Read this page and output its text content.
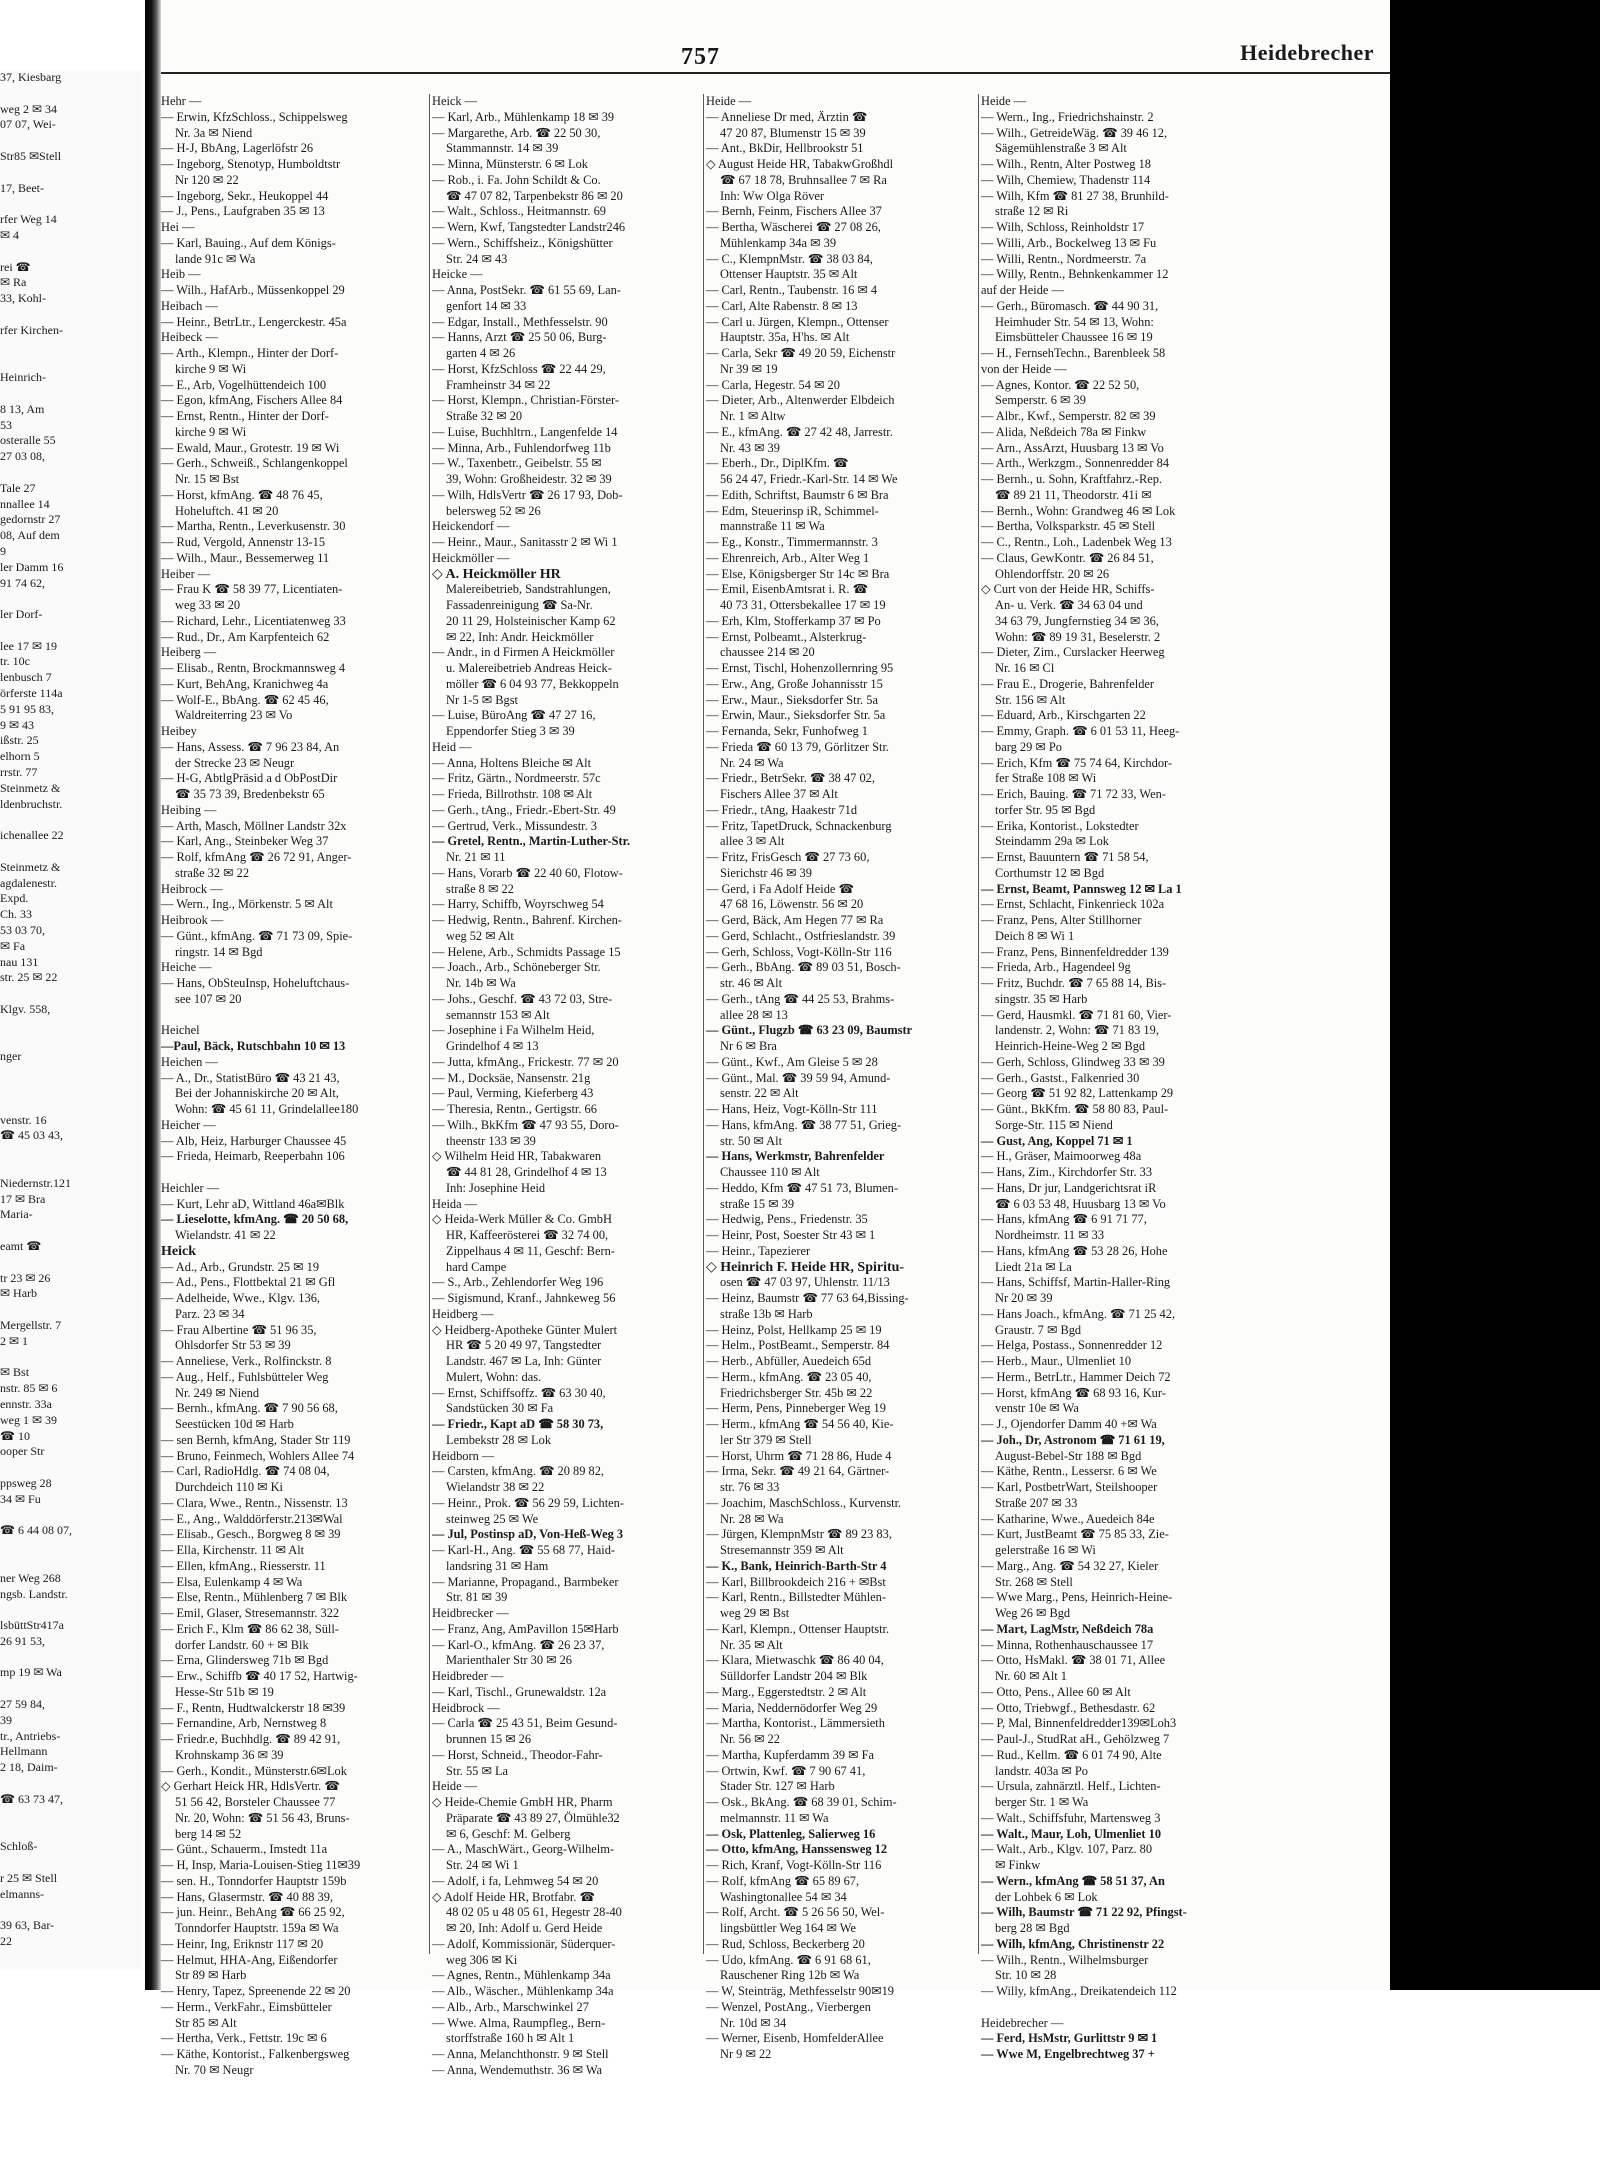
37, Kiesbarg

weg 2 ✉ 34
07 07, Wei-

Str85 ✉Stell

17, Beet-

rfer Weg 14
✉ 4

rei ☎
✉ Ra
33, Kohl-

rfer Kirchen-

Heinrich-

8 13, Am
53
osteralle 55
27 03 08,

Tale 27
nnallee 14
gedornstr 27
08, Auf dem
9
ler Damm 16
91 74 62,

ler Dorf-

lee 17 ✉ 19
tr. 10c
lenbusch 7
örferste 114a
5 91 95 83,
9 ✉ 43
ißstr. 25
elhorn 5
rrstr. 77
Steinmetz &
ldenbruchstr.

ichenallee 22

Steinmetz &
agdalenestr.
Expd.
Ch. 33
53 03 70,
✉ Fa
nau 131
str. 25 ✉ 22

Klgv. 558,

nger

venstr. 16
☎ 45 03 43,

Niedernstr.121
17 ✉ Bra
Maria-

eamt ☎

tr 23 ✉ 26
✉ Harb

Mergellstr. 7
2 ✉ 1

✉ Bst
nstr. 85 ✉ 6
ennstr. 33a
weg 1 ✉ 39
☎ 10
ooper Str

ppsweg 28
34 ✉ Fu

☎ 6 44 08 07,

ner Weg 268
ngsb. Landstr.

lsbüttStr417a
26 91 53,

mp 19 ✉ Wa

27 59 84,
39
tr., Antriebs-
Hellmann
2 18, Daim-

☎ 63 73 47,

Schloß-

r 25 ✉ Stell
elmanns-

39 63, Bar-
22
757	Heidebrecher
Hehr —
— Erwin, KfzSchloss., Schippelsweg
Nr. 3a ✉ Niend
— H-J, BbAng, Lagerlöfstr 26
— Ingeborg, Stenotyp, Humboldtstr
Nr 120 ✉ 22
— Ingeborg, Sekr., Heukoppel 44
— J., Pens., Laufgraben 35 ✉ 13
Hei —
— Karl, Bauing., Auf dem Königs-
lande 91c ✉ Wa
Heib —
— Wilh., HafArb., Müssenkoppel 29
Heibach —
— Heinr., BetrLtr., Lengerckestr. 45a
Heibeck —
— Arth., Klempn., Hinter der Dorf-
kirche 9 ✉ Wi
— E., Arb, Vogelhüttendeich 100
— Egon, kfmAng, Fischers Allee 84
— Ernst, Rentn., Hinter der Dorf-
kirche 9 ✉ Wi
— Ewald, Maur., Grotestr. 19 ✉ Wi
— Gerh., Schweiß., Schlangenkoppel
Nr. 15 ✉ Bst
— Horst, kfmAng. ☎ 48 76 45,
Hoheluftch. 41 ✉ 20
— Martha, Rentn., Leverkusenstr. 30
— Rud, Vergold, Annenstr 13-15
— Wilh., Maur., Bessemerweg 11
Heiber —
— Frau K ☎ 58 39 77, Licentiaten-
weg 33 ✉ 20
— Richard, Lehr., Licentiatenweg 33
— Rud., Dr., Am Karpfenteich 62
Heiberg —
— Elisab., Rentn, Brockmannsweg 4
— Kurt, BehAng, Kranichweg 4a
— Wolf-E., BbAng. ☎ 62 45 46,
Waldreiterring 23 ✉ Vo
Heibey
— Hans, Assess. ☎ 7 96 23 84, An
der Strecke 23 ✉ Neugr
— H-G, AbtlgPräsid a d ObPostDir
☎ 35 73 39, Bredenbekstr 65
Heibing —
— Arth, Masch, Möllner Landstr 32x
— Karl, Ang., Steinbeker Weg 37
— Rolf, kfmAng ☎ 26 72 91, Anger-
straße 32 ✉ 22
Heibrock —
— Wern., Ing., Mörkenstr. 5 ✉ Alt
Heibrook —
— Günt., kfmAng. ☎ 71 73 09, Spie-
ringstr. 14 ✉ Bgd
Heiche —
— Hans, ObSteuInsp, Hoheluftchaus-
see 107 ✉ 20

Heichel
—Paul, Bäck, Rutschbahn 10 ✉ 13
Heichen —
— A., Dr., StatistBüro ☎ 43 21 43,
Bei der Johanniskirche 20 ✉ Alt,
Wohn: ☎ 45 61 11, Grindelallee180
Heicher —
— Alb, Heiz, Harburger Chaussee 45
— Frieda, Heimarb, Reeperbahn 106

Heichler —
— Kurt, Lehr aD, Wittland 46a✉Blk
— Lieselotte, kfmAng. ☎ 20 50 68,
Wielandstr. 41 ✉ 22
Heick
— Ad., Arb., Grundstr. 25 ✉ 19
— Ad., Pens., Flottbektal 21 ✉ Gfl
— Adelheide, Wwe., Klgv. 136,
Parz. 23 ✉ 34
— Frau Albertine ☎ 51 96 35,
Ohlsdorfer Str 53 ✉ 39
— Anneliese, Verk., Rolfinckstr. 8
— Aug., Helf., Fuhlsbütteler Weg
Nr. 249 ✉ Niend
— Bernh., kfmAng. ☎ 7 90 56 68,
Seestücken 10d ✉ Harb
— sen Bernh, kfmAng, Stader Str 119
— Bruno, Feinmech, Wohlers Allee 74
— Carl, RadioHdlg. ☎ 74 08 04,
Durchdeich 110 ✉ Ki
— Clara, Wwe., Rentn., Nissenstr. 13
— E., Ang., Walddörferstr.213✉Wal
— Elisab., Gesch., Borgweg 8 ✉ 39
— Ella, Kirchenstr. 11 ✉ Alt
— Ellen, kfmAng., Riesserstr. 11
— Elsa, Eulenkamp 4 ✉ Wa
— Else, Rentn., Mühlenberg 7 ✉ Blk
— Emil, Glaser, Stresemannstr. 322
— Erich F., Klm ☎ 86 62 38, Süll-
dorfer Landstr. 60 + ✉ Blk
— Erna, Glindersweg 71b ✉ Bgd
— Erw., Schiffb ☎ 40 17 52, Hartwig-
Hesse-Str 51b ✉ 19
— F., Rentn, Hudtwalckerstr 18 ✉39
— Fernandine, Arb, Nernstweg 8
— Friedr.e, Buchhdlg. ☎ 89 42 91,
Krohnskamp 36 ✉ 39
— Gerh., Kondit., Münsterstr.6✉Lok
◇ Gerhart Heick HR, HdlsVertr. ☎
51 56 42, Borsteler Chaussee 77
Nr. 20, Wohn: ☎ 51 56 43, Bruns-
berg 14 ✉ 52
— Günt., Schauerm., Imstedt 11a
— H, Insp, Maria-Louisen-Stieg 11✉39
— sen. H., Tonndorfer Hauptstr 159b
— Hans, Glasermstr. ☎ 40 88 39,
— jun. Heinr., BehAng ☎ 66 25 92,
Tonndorfer Hauptstr. 159a ✉ Wa
— Heinr, Ing, Eriknstr 117 ✉ 20
— Helmut, HHA-Ang, Eißendorfer
Str 89 ✉ Harb
— Henry, Tapez, Spreenende 22 ✉ 20
— Herm., VerkFahr., Eimsbütteler
Str 85 ✉ Alt
— Hertha, Verk., Fettstr. 19c ✉ 6
— Käthe, Kontorist., Falkenbergsweg
Nr. 70 ✉ Neugr
Heick —
— Karl, Arb., Mühlenkamp 18 ✉ 39
— Margarethe, Arb. ☎ 22 50 30,
Stammannstr. 14 ✉ 39
— Minna, Münsterstr. 6 ✉ Lok
— Rob., i. Fa. John Schildt & Co.
☎ 47 07 82, Tarpenbekstr 86 ✉ 20
— Walt., Schloss., Heitmannstr. 69
— Wern, Kwf, Tangstedter Landstr246
— Wern., Schiffsheiz., Königshütter
Str. 24 ✉ 43
Heicke —
— Anna, PostSekr. ☎ 61 55 69, Lan-
genfort 14 ✉ 33
— Edgar, Install., Methfesselstr. 90
— Hanns, Arzt ☎ 25 50 06, Burg-
garten 4 ✉ 26
— Horst, KfzSchloss ☎ 22 44 29,
Framheinstr 34 ✉ 22
— Horst, Klempn., Christian-Förster-
Straße 32 ✉ 20
— Luise, Buchhltrn., Langenfelde 14
— Minna, Arb., Fuhlendorfweg 11b
— W., Taxenbetr., Geibelstr. 55 ✉
39, Wohn: Großheidestr. 32 ✉ 39
— Wilh, HdlsVertr ☎ 26 17 93, Dob-
belersweg 52 ✉ 26
Heickendorf —
— Heinr., Maur., Sanitasstr 2 ✉ Wi 1
Heickmöller —
◇ A. Heickmöller HR
Malereibetrieb, Sandstrahlungen,
Fassadenreinigung ☎ Sa-Nr.
20 11 29, Holsteinischer Kamp 62
✉ 22, Inh: Andr. Heickmöller
— Andr., in d Firmen A Heickmöller
u. Malereibetrieb Andreas Heick-
möller ☎ 6 04 93 77, Bekkoppeln
Nr 1-5 ✉ Bgst
— Luise, BüroAng ☎ 47 27 16,
Eppendorfer Stieg 3 ✉ 39
Heid —
— Anna, Holtens Bleiche ✉ Alt
— Fritz, Gärtn., Nordmeerstr. 57c
— Frieda, Billrothstr. 108 ✉ Alt
— Gerh., tAng., Friedr.-Ebert-Str. 49
— Gertrud, Verk., Missundestr. 3
— Gretel, Rentn., Martin-Luther-Str.
Nr. 21 ✉ 11
— Hans, Vorarb ☎ 22 40 60, Flotow-
straße 8 ✉ 22
— Harry, Schiffb, Woyrschweg 54
— Hedwig, Rentn., Bahrenf. Kirchen-
weg 52 ✉ Alt
— Helene, Arb., Schmidts Passage 15
— Joach., Arb., Schöneberger Str.
Nr. 14b ✉ Wa
— Johs., Geschf. ☎ 43 72 03, Stre-
semannstr 153 ✉ Alt
— Josephine i Fa Wilhelm Heid,
Grindelhof 4 ✉ 13
— Jutta, kfmAng., Frickestr. 77 ✉ 20
— M., Docksäe, Nansenstr. 21g
— Paul, Verming, Kieferberg 43
— Theresia, Rentn., Gertigstr. 66
— Wilh., BkKfm ☎ 47 93 55, Doro-
theenstr 133 ✉ 39
◇ Wilhelm Heid HR, Tabakwaren
☎ 44 81 28, Grindelhof 4 ✉ 13
Inh: Josephine Heid
Heida —
◇ Heida-Werk Müller & Co. GmbH
HR, Kaffeerösterei ☎ 32 74 00,
Zippelhaus 4 ✉ 11, Geschf: Bern-
hard Campe
— S., Arb., Zehlendorfer Weg 196
— Sigismund, Kranf., Jahnkeweg 56
Heidberg —
◇ Heidberg-Apotheke Günter Mulert
HR ☎ 5 20 49 97, Tangstedter
Landstr. 467 ✉ La, Inh: Günter
Mulert, Wohn: das.
— Ernst, Schiffsoffz. ☎ 63 30 40,
Sandstücken 30 ✉ Fa
— Friedr., Kapt aD ☎ 58 30 73,
Lembekstr 28 ✉ Lok
Heidborn —
— Carsten, kfmAng. ☎ 20 89 82,
Wielandstr 38 ✉ 22
— Heinr., Prok. ☎ 56 29 59, Lichten-
steinweg 25 ✉ We
— Jul, Postinsp aD, Von-Heß-Weg 3
— Karl-H., Ang. ☎ 55 68 77, Haid-
landsring 31 ✉ Ham
— Marianne, Propagand., Barmbeker
Str. 81 ✉ 39
Heidbrecker —
— Franz, Ang, AmPavillon 15✉Harb
— Karl-O., kfmAng. ☎ 26 23 37,
Marienthaler Str 30 ✉ 26
Heidbreder —
— Karl, Tischl., Grunewaldstr. 12a
Heidbrock —
— Carla ☎ 25 43 51, Beim Gesund-
brunnen 15 ✉ 26
— Horst, Schneid., Theodor-Fahr-
Str. 55 ✉ La
Heide —
◇ Heide-Chemie GmbH HR, Pharm
Präparate ☎ 43 89 27, Ölmühle32
✉ 6, Geschf: M. Gelberg
— A., MaschWärt., Georg-Wilhelm-
Str. 24 ✉ Wi 1
— Adolf, i fa, Lehmweg 54 ✉ 20
◇ Adolf Heide HR, Brotfabr. ☎
48 02 05 u 48 05 61, Hegestr 28-40
✉ 20, Inh: Adolf u. Gerd Heide
— Adolf, Kommissionär, Süderquer-
weg 306 ✉ Ki
— Agnes, Rentn., Mühlenkamp 34a
— Alb., Wäscher., Mühlenkamp 34a
— Alb., Arb., Marschwinkel 27
— Wwe. Alma, Raumpfleg., Bern-
storffstraße 160 h ✉ Alt 1
— Anna, Melanchthonstr. 9 ✉ Stell
— Anna, Wendemuthstr. 36 ✉ Wa
Heide —
— Anneliese Dr med, Ärztin ☎
47 20 87, Blumenstr 15 ✉ 39
— Ant., BkDir, Hellbrookstr 51
◇ August Heide HR, TabakwGroßhdl
☎ 67 18 78, Bruhnsallee 7 ✉ Ra
Inh: Ww Olga Röver
— Bernh, Feinm, Fischers Allee 37
— Bertha, Wäscherei ☎ 27 08 26,
Mühlenkamp 34a ✉ 39
— C., KlempnMstr. ☎ 38 03 84,
Ottenser Hauptstr. 35 ✉ Alt
— Carl, Rentn., Taubenstr. 16 ✉ 4
— Carl, Alte Rabenstr. 8 ✉ 13
— Carl u. Jürgen, Klempn., Ottenser
Hauptstr. 35a, H'hs. ✉ Alt
— Carla, Sekr ☎ 49 20 59, Eichenstr
Nr 39 ✉ 19
— Carla, Hegestr. 54 ✉ 20
— Dieter, Arb., Altenwerder Elbdeich
Nr. 1 ✉ Altw
— E., kfmAng. ☎ 27 42 48, Jarrestr.
Nr. 43 ✉ 39
— Eberh., Dr., DiplKfm. ☎
56 24 47, Friedr.-Karl-Str. 14 ✉ We
— Edith, Schriftst, Baumstr 6 ✉ Bra
— Edm, Steuerinsp iR, Schimmel-
mannstraße 11 ✉ Wa
— Eg., Konstr., Timmermannstr. 3
— Ehrenreich, Arb., Alter Weg 1
— Else, Königsberger Str 14c ✉ Bra
— Emil, EisenbAmtsrat i. R. ☎
40 73 31, Ottersbekallee 17 ✉ 19
— Erh, Klm, Stofferkamp 37 ✉ Po
— Ernst, Polbeamt., Alsterkrug-
chaussee 214 ✉ 20
— Ernst, Tischl, Hohenzollernring 95
— Erw., Ang, Große Johannisstr 15
— Erw., Maur., Sieksdorfer Str. 5a
— Erwin, Maur., Sieksdorfer Str. 5a
— Fernanda, Sekr, Funhofweg 1
— Frieda ☎ 60 13 79, Görlitzer Str.
Nr. 24 ✉ Wa
— Friedr., BetrSekr. ☎ 38 47 02,
Fischers Allee 37 ✉ Alt
— Friedr., tAng, Haakestr 71d
— Fritz, TapetDruck, Schnackenburg
allee 3 ✉ Alt
— Fritz, FrisGesch ☎ 27 73 60,
Sierichstr 46 ✉ 39
— Gerd, i Fa Adolf Heide ☎
47 68 16, Löwenstr. 56 ✉ 20
— Gerd, Bäck, Am Hegen 77 ✉ Ra
— Gerd, Schlacht., Ostfrieslandstr. 39
— Gerh, Schloss, Vogt-Kölln-Str 116
— Gerh., BbAng. ☎ 89 03 51, Bosch-
str. 46 ✉ Alt
— Gerh., tAng ☎ 44 25 53, Brahms-
allee 28 ✉ 13
— Günt., Flugzb ☎ 63 23 09, Baumstr
Nr 6 ✉ Bra
— Günt., Kwf., Am Gleise 5 ✉ 28
— Günt., Mal. ☎ 39 59 94, Amund-
senstr. 22 ✉ Alt
— Hans, Heiz, Vogt-Kölln-Str 111
— Hans, kfmAng. ☎ 38 77 51, Grieg-
str. 50 ✉ Alt
— Hans, Werkmstr, Bahrenfelder
Chaussee 110 ✉ Alt
— Heddo, Kfm ☎ 47 51 73, Blumen-
straße 15 ✉ 39
— Hedwig, Pens., Friedenstr. 35
— Heinr, Post, Soester Str 43 ✉ 1
— Heinr., Tapezierer
◇ Heinrich F. Heide HR, Spiritu-
osen ☎ 47 03 97, Uhlenstr. 11/13
— Heinz, Baumstr ☎ 77 63 64,Bissing-
straße 13b ✉ Harb
— Heinz, Polst, Hellkamp 25 ✉ 19
— Helm., PostBeamt., Semperstr. 84
— Herb., Abfüller, Auedeich 65d
— Herm., kfmAng. ☎ 23 05 40,
Friedrichsberger Str. 45b ✉ 22
— Herm, Pens, Pinneberger Weg 19
— Herm., kfmAng ☎ 54 56 40, Kie-
ler Str 379 ✉ Stell
— Horst, Uhrm ☎ 71 28 86, Hude 4
— Irma, Sekr. ☎ 49 21 64, Gärtner-
str. 76 ✉ 33
— Joachim, MaschSchloss., Kurvenstr.
Nr. 28 ✉ Wa
— Jürgen, KlempnMstr ☎ 89 23 83,
Stresemannstr 359 ✉ Alt
— K., Bank, Heinrich-Barth-Str 4
— Karl, Billbrookdeich 216 + ✉Bst
— Karl, Rentn., Billstedter Mühlen-
weg 29 ✉ Bst
— Karl, Klempn., Ottenser Hauptstr.
Nr. 35 ✉ Alt
— Klara, Mietwaschk ☎ 86 40 04,
Sülldorfer Landstr 204 ✉ Blk
— Marg., Eggerstedtstr. 2 ✉ Alt
— Maria, Neddernödorfer Weg 29
— Martha, Kontorist., Lämmersieth
Nr. 56 ✉ 22
— Martha, Kupferdamm 39 ✉ Fa
— Ortwin, Kwf. ☎ 7 90 67 41,
Stader Str. 127 ✉ Harb
— Osk., BkAng. ☎ 68 39 01, Schim-
melmannstr. 11 ✉ Wa
— Osk, Plattenleg, Salierweg 16
— Otto, kfmAng, Hanssensweg 12
— Rich, Kranf, Vogt-Kölln-Str 116
— Rolf, kfmAng ☎ 65 89 67,
Washingtonallee 54 ✉ 34
— Rolf, Archt. ☎ 5 26 56 50, Wel-
lingsbüttler Weg 164 ✉ We
— Rud, Schloss, Beckerberg 20
— Udo, kfmAng. ☎ 6 91 68 61,
Rauschener Ring 12b ✉ Wa
— W, Steinträg, Methfesselstr 90✉19
— Wenzel, PostAng., Vierbergen
Nr. 10d ✉ 34
— Werner, Eisenb, HomfelderAllee
Nr 9 ✉ 22
Heide —
— Wern., Ing., Friedrichshainstr. 2
— Wilh., GetreideWäg. ☎ 39 46 12,
Sägemühlenstraße 3 ✉ Alt
— Wilh., Rentn, Alter Postweg 18
— Wilh, Chemiew, Thadenstr 114
— Wilh, Kfm ☎ 81 27 38, Brunhild-
straße 12 ✉ Ri
— Wilh, Schloss, Reinholdstr 17
— Willi, Arb., Bockelweg 13 ✉ Fu
— Willi, Rentn., Nordmeerstr. 7a
— Willy, Rentn., Behnkenkammer 12
auf der Heide —
— Gerh., Büromasch. ☎ 44 90 31,
Heimhuder Str. 54 ✉ 13, Wohn:
Eimsbütteler Chaussee 16 ✉ 19
— H., FernsehTechn., Barenbleek 58
von der Heide —
— Agnes, Kontor. ☎ 22 52 50,
Semperstr. 6 ✉ 39
— Albr., Kwf., Semperstr. 82 ✉ 39
— Alida, Neßdeich 78a ✉ Finkw
— Arn., AssArzt, Huusbarg 13 ✉ Vo
— Arth., Werkzgm., Sonnenredder 84
— Bernh., u. Sohn, Kraftfahrz.-Rep.
☎ 89 21 11, Theodorstr. 41i ✉
— Bernh., Wohn: Grandweg 46 ✉ Lok
— Bertha, Volksparkstr. 45 ✉ Stell
— C., Rentn., Loh., Ladenbek Weg 13
— Claus, GewKontr. ☎ 26 84 51,
Ohlendorffstr. 20 ✉ 26
◇ Curt von der Heide HR, Schiffs-
An- u. Verk. ☎ 34 63 04 und
34 63 79, Jungfernstieg 34 ✉ 36,
Wohn: ☎ 89 19 31, Beselerstr. 2
— Dieter, Zim., Curslacker Heerweg
Nr. 16 ✉ Cl
— Frau E., Drogerie, Bahrenfelder
Str. 156 ✉ Alt
— Eduard, Arb., Kirschgarten 22
— Emmy, Graph. ☎ 6 01 53 11, Heeg-
barg 29 ✉ Po
— Erich, Kfm ☎ 75 74 64, Kirchdor-
fer Straße 108 ✉ Wi
— Erich, Bauing. ☎ 71 72 33, Wen-
torfer Str. 95 ✉ Bgd
— Erika, Kontorist., Lokstedter
Steindamm 29a ✉ Lok
— Ernst, Bauuntern ☎ 71 58 54,
Corthumstr 12 ✉ Bgd
— Ernst, Beamt, Pannsweg 12 ✉ La 1
— Ernst, Schlacht, Finkenrieck 102a
— Franz, Pens, Alter Stillhorner
Deich 8 ✉ Wi 1
— Franz, Pens, Binnenfeldredder 139
— Frieda, Arb., Hagendeel 9g
— Fritz, Buchdr. ☎ 7 65 88 14, Bis-
singstr. 35 ✉ Harb
— Gerd, Hausmkl. ☎ 71 81 60, Vier-
landenstr. 2, Wohn: ☎ 71 83 19,
Heinrich-Heine-Weg 2 ✉ Bgd
— Gerh, Schloss, Glindweg 33 ✉ 39
— Gerh., Gastst., Falkenried 30
— Georg ☎ 51 92 82, Lattenkamp 29
— Günt., BkKfm. ☎ 58 80 83, Paul-
Sorge-Str. 115 ✉ Niend
— Gust, Ang, Koppel 71 ✉ 1
— H., Gräser, Maimoorweg 48a
— Hans, Zim., Kirchdorfer Str. 33
— Hans, Dr jur, Landgerichtsrat iR
☎ 6 03 53 48, Huusbarg 13 ✉ Vo
— Hans, kfmAng ☎ 6 91 71 77,
Nordheimstr. 11 ✉ 33
— Hans, kfmAng ☎ 53 28 26, Hohe
Liedt 21a ✉ La
— Hans, Schiffsf, Martin-Haller-Ring
Nr 20 ✉ 39
— Hans Joach., kfmAng. ☎ 71 25 42,
Graustr. 7 ✉ Bgd
— Helga, Postass., Sonnenredder 12
— Herb., Maur., Ulmenliet 10
— Herm., BetrLtr., Hammer Deich 72
— Horst, kfmAng ☎ 68 93 16, Kur-
venstr 10e ✉ Wa
— J., Ojendorfer Damm 40 +✉ Wa
— Joh., Dr, Astronom ☎ 71 61 19,
August-Bebel-Str 188 ✉ Bgd
— Käthe, Rentn., Lessersr. 6 ✉ We
— Karl, PostbetrWart, Steilshooper
Straße 207 ✉ 33
— Katharine, Wwe., Auedeich 84e
— Kurt, JustBeamt ☎ 75 85 33, Zie-
gelerstraße 16 ✉ Wi
— Marg., Ang. ☎ 54 32 27, Kieler
Str. 268 ✉ Stell
— Wwe Marg., Pens, Heinrich-Heine-
Weg 26 ✉ Bgd
— Mart, LagMstr, Neßdeich 78a
— Minna, Rothenhauschaussee 17
— Otto, HsMakl. ☎ 38 01 71, Allee
Nr. 60 ✉ Alt 1
— Otto, Pens., Allee 60 ✉ Alt
— Otto, Triebwgf., Bethesdastr. 62
— P, Mal, Binnenfeldredder139✉Loh3
— Paul-J., StudRat aH., Gehölzweg 7
— Rud., Kellm. ☎ 6 01 74 90, Alte
landstr. 403a ✉ Po
— Ursula, zahnärztl. Helf., Lichten-
berger Str. 1 ✉ Wa
— Walt., Schiffsfuhr, Martensweg 3
— Walt., Maur, Loh, Ulmenliet 10
— Walt., Arb., Klgv. 107, Parz. 80
✉ Finkw
— Wern., kfmAng ☎ 58 51 37, An
der Lohbek 6 ✉ Lok
— Wilh, Baumstr ☎ 71 22 92, Pfingst-
berg 28 ✉ Bgd
— Wilh, kfmAng, Christinenstr 22
— Wilh., Rentn., Wilhelmsburger
Str. 10 ✉ 28
— Willy, kfmAng., Dreikatendeich 112

Heidebrecher —
— Ferd, HsMstr, Gurlittstr 9 ✉ 1
— Wwe M, Engelbrechtweg 37 +
